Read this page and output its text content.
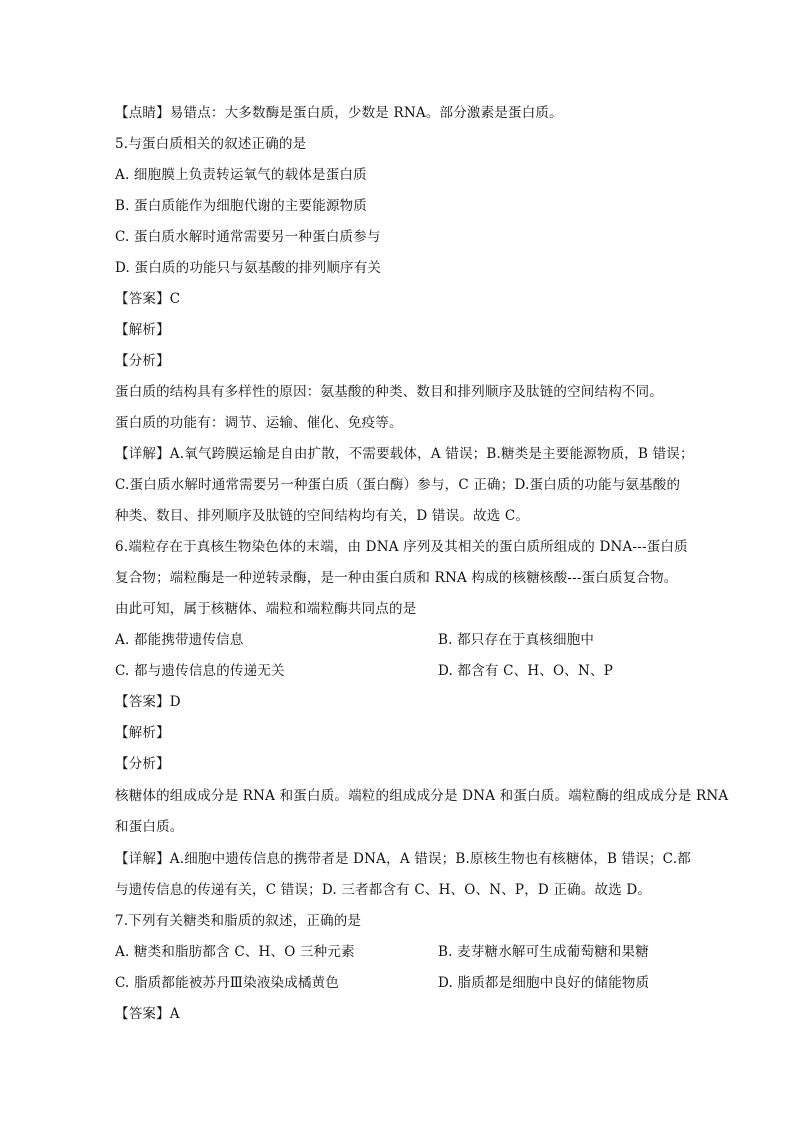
【点睛】易错点：大多数酶是蛋白质，少数是 RNA。部分激素是蛋白质。
5.与蛋白质相关的叙述正确的是
A. 细胞膜上负责转运氧气的载体是蛋白质
B. 蛋白质能作为细胞代谢的主要能源物质
C. 蛋白质水解时通常需要另一种蛋白质参与
D. 蛋白质的功能只与氨基酸的排列顺序有关
【答案】C
【解析】
【分析】
蛋白质的结构具有多样性的原因：氨基酸的种类、数目和排列顺序及肽链的空间结构不同。
蛋白质的功能有：调节、运输、催化、免疫等。
【详解】A.氧气跨膜运输是自由扩散，不需要载体，A 错误；B.糖类是主要能源物质，B 错误；
C.蛋白质水解时通常需要另一种蛋白质（蛋白酶）参与，C 正确；D.蛋白质的功能与氨基酸的
种类、数目、排列顺序及肽链的空间结构均有关，D 错误。故选 C。
6.端粒存在于真核生物染色体的末端，由 DNA 序列及其相关的蛋白质所组成的 DNA---蛋白质
复合物；端粒酶是一种逆转录酶，是一种由蛋白质和 RNA 构成的核糖核酸---蛋白质复合物。
由此可知，属于核糖体、端粒和端粒酶共同点的是
A. 都能携带遗传信息	B. 都只存在于真核细胞中
C. 都与遗传信息的传递无关	D. 都含有 C、H、O、N、P
【答案】D
【解析】
【分析】
核糖体的组成成分是 RNA 和蛋白质。端粒的组成成分是 DNA 和蛋白质。端粒酶的组成成分是 RNA
和蛋白质。
【详解】A.细胞中遗传信息的携带者是 DNA，A 错误；B.原核生物也有核糖体，B 错误；C.都
与遗传信息的传递有关，C 错误；D. 三者都含有 C、H、O、N、P，D 正确。故选 D。
7.下列有关糖类和脂质的叙述，正确的是
A. 糖类和脂肪都含 C、H、O 三种元素	B. 麦芽糖水解可生成葡萄糖和果糖
C. 脂质都能被苏丹Ⅲ染液染成橘黄色	D. 脂质都是细胞中良好的储能物质
【答案】A
